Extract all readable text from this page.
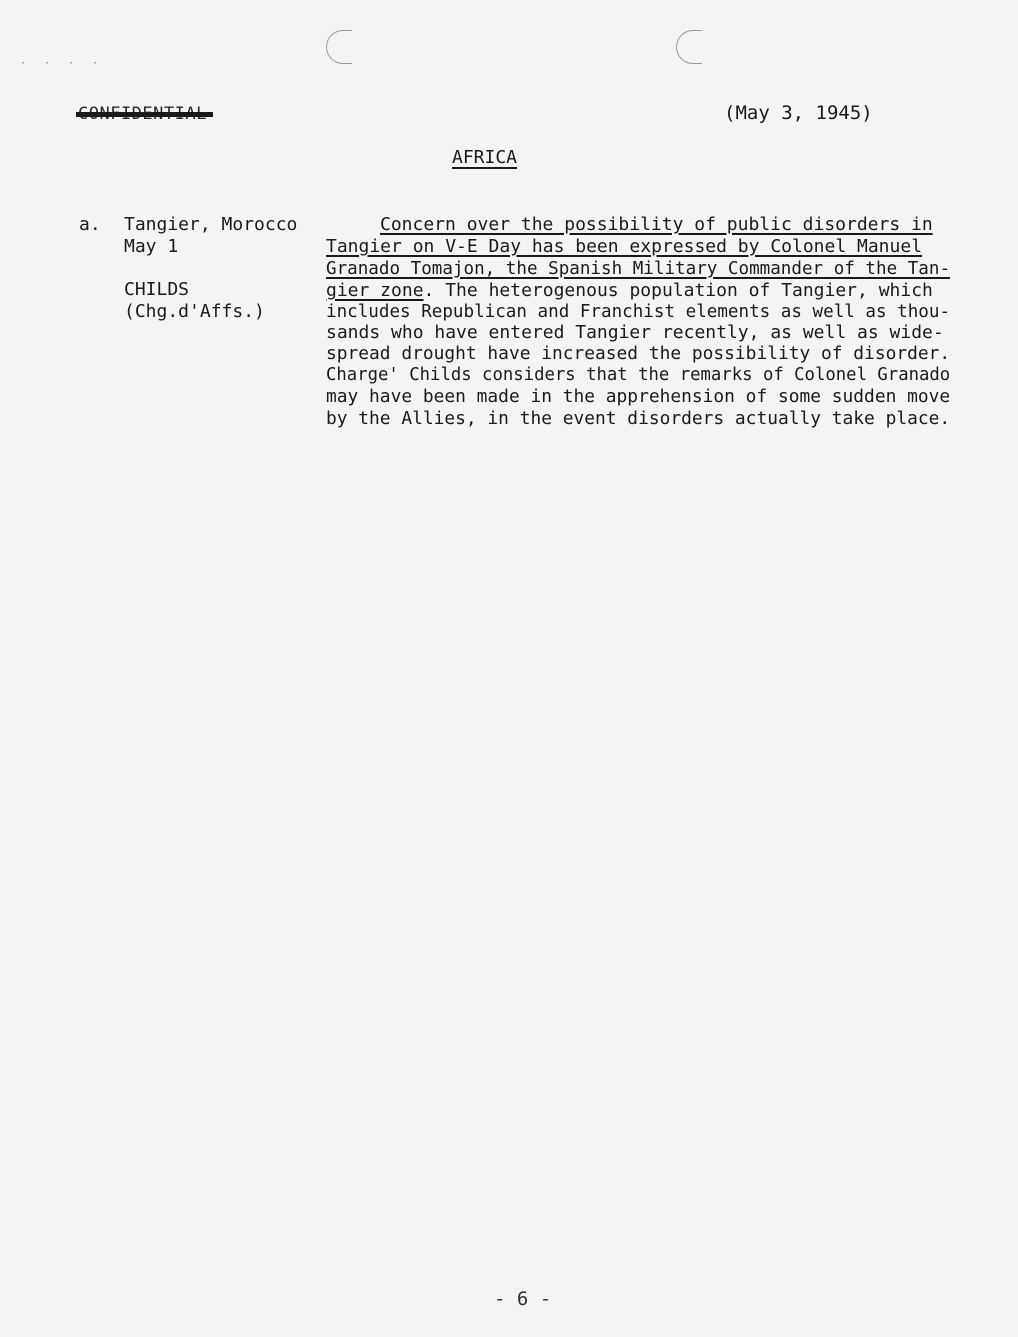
· · · ·
(May 3, 1945)
AFRICA
a. Tangier, Morocco
May 1
CHILDS
(Chg.d'Affs.)
Concern over the possibility of public disorders in
Tangier on V-E Day has been expressed by Colonel Manuel
Granado Tomajon, the Spanish Military Commander of the Tan-
gier zone. The heterogenous population of Tangier, which
includes Republican and Franchist elements as well as thou-
sands who have entered Tangier recently, as well as wide-
spread drought have increased the possibility of disorder.
Charge' Childs considers that the remarks of Colonel Granado
may have been made in the apprehension of some sudden move
by the Allies, in the event disorders actually take place.
- 6 -
